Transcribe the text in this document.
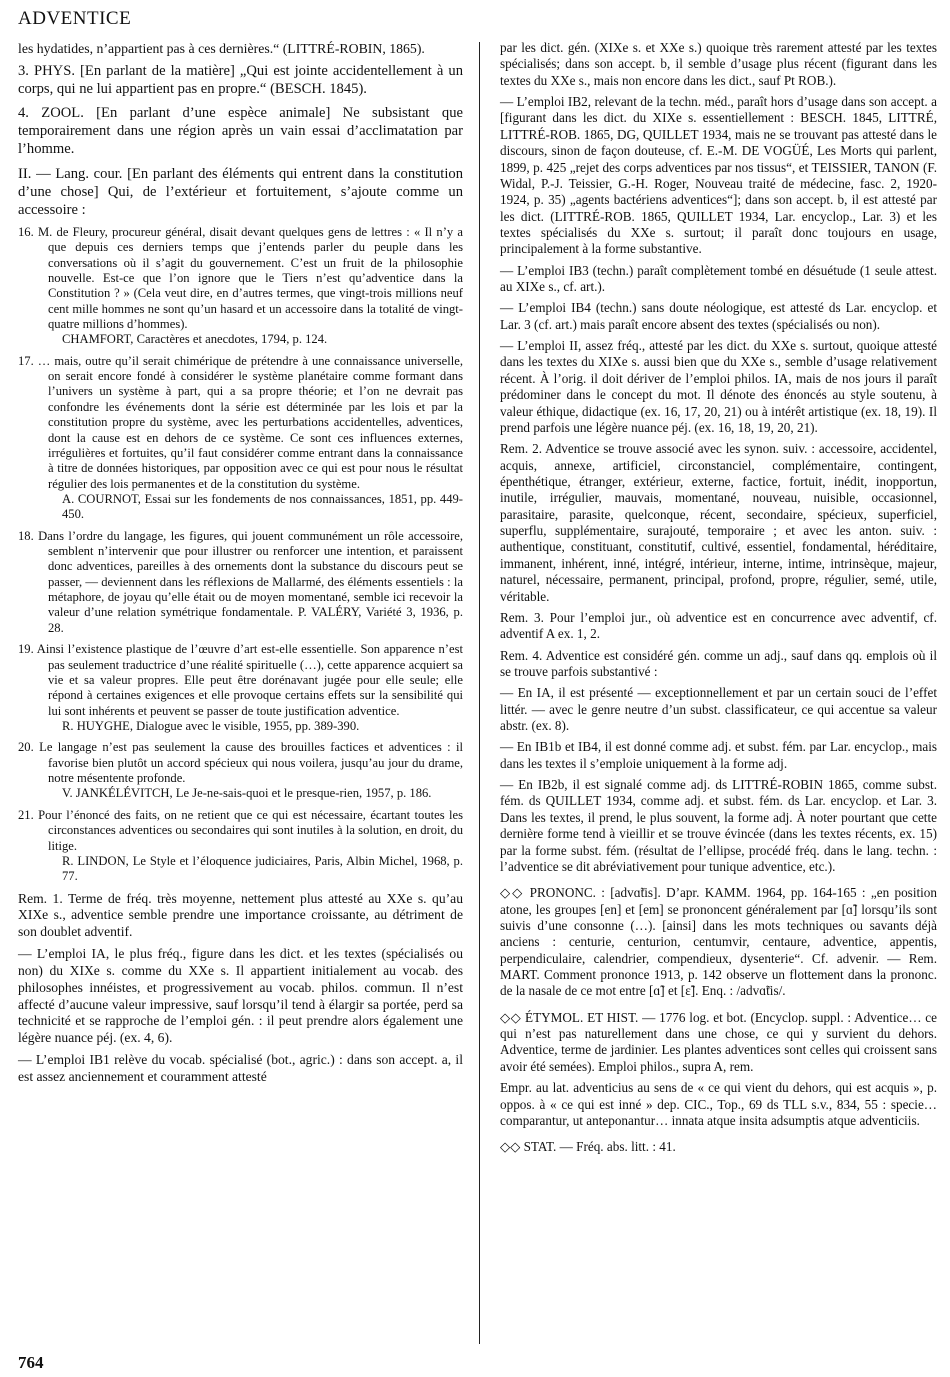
ADVENTICE

les hydatides, n’appartient pas à ces dernières.“ (LITTRÉ-ROBIN, 1865).

3. PHYS. [En parlant de la matière] „Qui est jointe accidentellement à un corps, qui ne lui appartient pas en propre.“ (BESCH. 1845).

4. ZOOL. [En parlant d’une espèce animale] Ne subsistant que temporairement dans une région après un vain essai d’acclimatation par l’homme.

II. — Lang. cour. [En parlant des éléments qui entrent dans la constitution d’une chose] Qui, de l’extérieur et fortuitement, s’ajoute comme un accessoire :

16. M. de Fleury, procureur général, disait devant quelques gens de lettres : « Il n’y a que depuis ces derniers temps que j’entends parler du peuple dans les conversations où il s’agit du gouvernement. C’est un fruit de la philosophie nouvelle. Est-ce que l’on ignore que le Tiers n’est qu’adventice dans la Constitution ? » (Cela veut dire, en d’autres termes, que vingt-trois millions neuf cent mille hommes ne sont qu’un hasard et un accessoire dans la totalité de vingt-quatre millions d’hommes).
CHAMFORT, Caractères et anecdotes, 1794, p. 124.
17. … mais, outre qu’il serait chimérique de prétendre à une connaissance universelle, on serait encore fondé à considérer le système planétaire comme formant dans l’univers un système à part, qui a sa propre théorie; et l’on ne devrait pas confondre les événements dont la série est déterminée par les lois et par la constitution propre du système, avec les perturbations accidentelles, adventices, dont la cause est en dehors de ce système. Ce sont ces influences externes, irrégulières et fortuites, qu’il faut considérer comme entrant dans la connaissance à titre de données historiques, par opposition avec ce qui est pour nous le résultat régulier des lois permanentes et de la constitution du système.
A. COURNOT, Essai sur les fondements de nos connaissances, 1851, pp. 449-450.
18. Dans l’ordre du langage, les figures, qui jouent communément un rôle accessoire, semblent n’intervenir que pour illustrer ou renforcer une intention, et paraissent donc adventices, pareilles à des ornements dont la substance du discours peut se passer, — deviennent dans les réflexions de Mallarmé, des éléments essentiels : la métaphore, de joyau qu’elle était ou de moyen momentané, semble ici recevoir la valeur d’une relation symétrique fondamentale. P. VALÉRY, Variété 3, 1936, p. 28.
19. Ainsi l’existence plastique de l’œuvre d’art est-elle essentielle. Son apparence n’est pas seulement traductrice d’une réalité spirituelle (…), cette apparence acquiert sa vie et sa valeur propres. Elle peut être dorénavant jugée pour elle seule; elle répond à certaines exigences et elle provoque certains effets sur la sensibilité qui lui sont inhérents et peuvent se passer de toute justification adventice.
R. HUYGHE, Dialogue avec le visible, 1955, pp. 389-390.
20. Le langage n’est pas seulement la cause des brouilles factices et adventices : il favorise bien plutôt un accord spécieux qui nous voilera, jusqu’au jour du drame, notre mésentente profonde.
V. JANKÉLÉVITCH, Le Je-ne-sais-quoi et le presque-rien, 1957, p. 186.
21. Pour l’énoncé des faits, on ne retient que ce qui est nécessaire, écartant toutes les circonstances adventices ou secondaires qui sont inutiles à la solution, en droit, du litige.
R. LINDON, Le Style et l’éloquence judiciaires, Paris, Albin Michel, 1968, p. 77.

Rem. 1. Terme de fréq. très moyenne, nettement plus attesté au XXe s. qu’au XIXe s., adventice semble prendre une importance croissante, au détriment de son doublet adventif.

— L’emploi IA, le plus fréq., figure dans les dict. et les textes (spécialisés ou non) du XIXe s. comme du XXe s. Il appartient initialement au vocab. des philosophes innéistes, et progressivement au vocab. philos. commun. Il n’est affecté d’aucune valeur impressive, sauf lorsqu’il tend à élargir sa portée, perd sa technicité et se rapproche de l’emploi gén. : il peut prendre alors également une légère nuance péj. (ex. 4, 6).

— L’emploi IB1 relève du vocab. spécialisé (bot., agric.) : dans son accept. a, il est assez anciennement et couramment attesté

par les dict. gén. (XIXe s. et XXe s.) quoique très rarement attesté par les textes spécialisés; dans son accept. b, il semble d’usage plus récent (figurant dans les textes du XXe s., mais non encore dans les dict., sauf Pt ROB.).

— L’emploi IB2, relevant de la techn. méd., paraît hors d’usage dans son accept. a [figurant dans les dict. du XIXe s. essentiellement : BESCH. 1845, LITTRÉ, LITTRÉ-ROB. 1865, DG, QUILLET 1934, mais ne se trouvant pas attesté dans le discours, sinon de façon douteuse, cf. E.-M. DE VOGÜÉ, Les Morts qui parlent, 1899, p. 425 „rejet des corps adventices par nos tissus“, et TEISSIER, TANON (F. Widal, P.-J. Teissier, G.-H. Roger, Nouveau traité de médecine, fasc. 2, 1920-1924, p. 35) „agents bactériens adventices“]; dans son accept. b, il est attesté par les dict. (LITTRÉ-ROB. 1865, QUILLET 1934, Lar. encyclop., Lar. 3) et les textes spécialisés du XXe s. surtout; il paraît donc toujours en usage, principalement à la forme substantive.

— L’emploi IB3 (techn.) paraît complètement tombé en désuétude (1 seule attest. au XIXe s., cf. art.).

— L’emploi IB4 (techn.) sans doute néologique, est attesté ds Lar. encyclop. et Lar. 3 (cf. art.) mais paraît encore absent des textes (spécialisés ou non).

— L’emploi II, assez fréq., attesté par les dict. du XXe s. surtout, quoique attesté dans les textes du XIXe s. aussi bien que du XXe s., semble d’usage relativement récent. À l’orig. il doit dériver de l’emploi philos. IA, mais de nos jours il paraît prédominer dans le concept du mot. Il dénote des énoncés au style soutenu, à valeur éthique, didactique (ex. 16, 17, 20, 21) ou à intérêt artistique (ex. 18, 19). Il prend parfois une légère nuance péj. (ex. 16, 18, 19, 20, 21).

Rem. 2. Adventice se trouve associé avec les synon. suiv. : accessoire, accidentel, acquis, annexe, artificiel, circonstanciel, complémentaire, contingent, épenthétique, étranger, extérieur, externe, factice, fortuit, inédit, inopportun, inutile, irrégulier, mauvais, momentané, nouveau, nuisible, occasionnel, parasitaire, parasite, quelconque, récent, secondaire, spécieux, superficiel, superflu, supplémentaire, surajouté, temporaire ; et avec les anton. suiv. : authentique, constituant, constitutif, cultivé, essentiel, fondamental, héréditaire, immanent, inhérent, inné, intégré, intérieur, interne, intime, intrinsèque, majeur, naturel, nécessaire, permanent, principal, profond, propre, régulier, semé, utile, véritable.

Rem. 3. Pour l’emploi jur., où adventice est en concurrence avec adventif, cf. adventif A ex. 1, 2.

Rem. 4. Adventice est considéré gén. comme un adj., sauf dans qq. emplois où il se trouve parfois substantivé :

— En IA, il est présenté — exceptionnellement et par un certain souci de l’effet littér. — avec le genre neutre d’un subst. classificateur, ce qui accentue sa valeur abstr. (ex. 8).

— En IB1b et IB4, il est donné comme adj. et subst. fém. par Lar. encyclop., mais dans les textes il s’emploie uniquement à la forme adj.

— En IB2b, il est signalé comme adj. ds LITTRÉ-ROBIN 1865, comme subst. fém. ds QUILLET 1934, comme adj. et subst. fém. ds Lar. encyclop. et Lar. 3. Dans les textes, il prend, le plus souvent, la forme adj. À noter pourtant que cette dernière forme tend à vieillir et se trouve évincée (dans les textes récents, ex. 15) par la forme subst. fém. (résultat de l’ellipse, procédé fréq. dans le lang. techn. : l’adventice se dit abréviativement pour tunique adventice, etc.).

◇◇ PRONONC. : [advɑ̃tis]. D’apr. KAMM. 1964, pp. 164-165 : „en position atone, les groupes [en] et [em] se prononcent généralement par [ɑ̃] lorsqu’ils sont suivis d’une consonne (…). [ainsi] dans les mots techniques ou savants déjà anciens : centurie, centurion, centumvir, centaure, adventice, appentis, perpendiculaire, calendrier, compendieux, dysenterie“. Cf. advenir. — Rem. MART. Comment prononce 1913, p. 142 observe un flottement dans la prononc. de la nasale de ce mot entre [ɑ̃] et [ɛ̃]. Enq. : /advɑ̃tis/.

◇◇ ÉTYMOL. ET HIST. — 1776 log. et bot. (Encyclop. suppl. : Adventice… ce qui n’est pas naturellement dans une chose, ce qui y survient du dehors. Adventice, terme de jardinier. Les plantes adventices sont celles qui croissent sans avoir été semées). Emploi philos., supra A, rem.

Empr. au lat. adventicius au sens de « ce qui vient du dehors, qui est acquis », p. oppos. à « ce qui est inné » dep. CIC., Top., 69 ds TLL s.v., 834, 55 : specie… comparantur, ut anteponantur… innata atque insita adsumptis atque adventiciis.

◇◇ STAT. — Fréq. abs. litt. : 41.

764
